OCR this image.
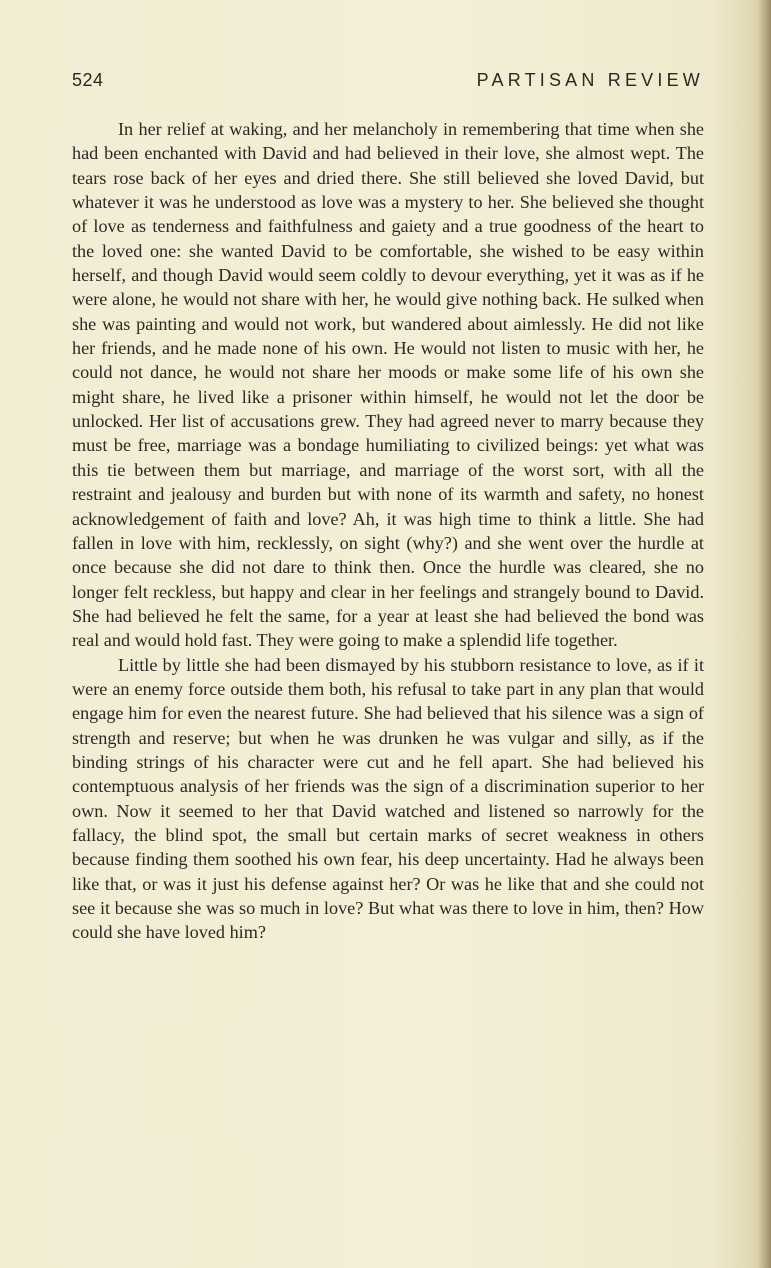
524	PARTISAN REVIEW

In her relief at waking, and her melancholy in remembering that time when she had been enchanted with David and had believed in their love, she almost wept. The tears rose back of her eyes and dried there. She still believed she loved David, but whatever it was he understood as love was a mystery to her. She believed she thought of love as tenderness and faithfulness and gaiety and a true goodness of the heart to the loved one: she wanted David to be comfortable, she wished to be easy within herself, and though David would seem coldly to devour everything, yet it was as if he were alone, he would not share with her, he would give nothing back. He sulked when she was painting and would not work, but wandered about aimlessly. He did not like her friends, and he made none of his own. He would not listen to music with her, he could not dance, he would not share her moods or make some life of his own she might share, he lived like a prisoner within himself, he would not let the door be unlocked. Her list of accusations grew. They had agreed never to marry because they must be free, marriage was a bondage humiliating to civilized beings: yet what was this tie between them but marriage, and marriage of the worst sort, with all the restraint and jealousy and burden but with none of its warmth and safety, no honest acknowledgement of faith and love? Ah, it was high time to think a little. She had fallen in love with him, recklessly, on sight (why?) and she went over the hurdle at once because she did not dare to think then. Once the hurdle was cleared, she no longer felt reckless, but happy and clear in her feelings and strangely bound to David. She had believed he felt the same, for a year at least she had believed the bond was real and would hold fast. They were going to make a splendid life together.

Little by little she had been dismayed by his stubborn resistance to love, as if it were an enemy force outside them both, his refusal to take part in any plan that would engage him for even the nearest future. She had believed that his silence was a sign of strength and reserve; but when he was drunken he was vulgar and silly, as if the binding strings of his character were cut and he fell apart. She had believed his contemptuous analysis of her friends was the sign of a discrimination superior to her own. Now it seemed to her that David watched and listened so narrowly for the fallacy, the blind spot, the small but certain marks of secret weakness in others because finding them soothed his own fear, his deep uncertainty. Had he always been like that, or was it just his defense against her? Or was he like that and she could not see it because she was so much in love? But what was there to love in him, then? How could she have loved him?
